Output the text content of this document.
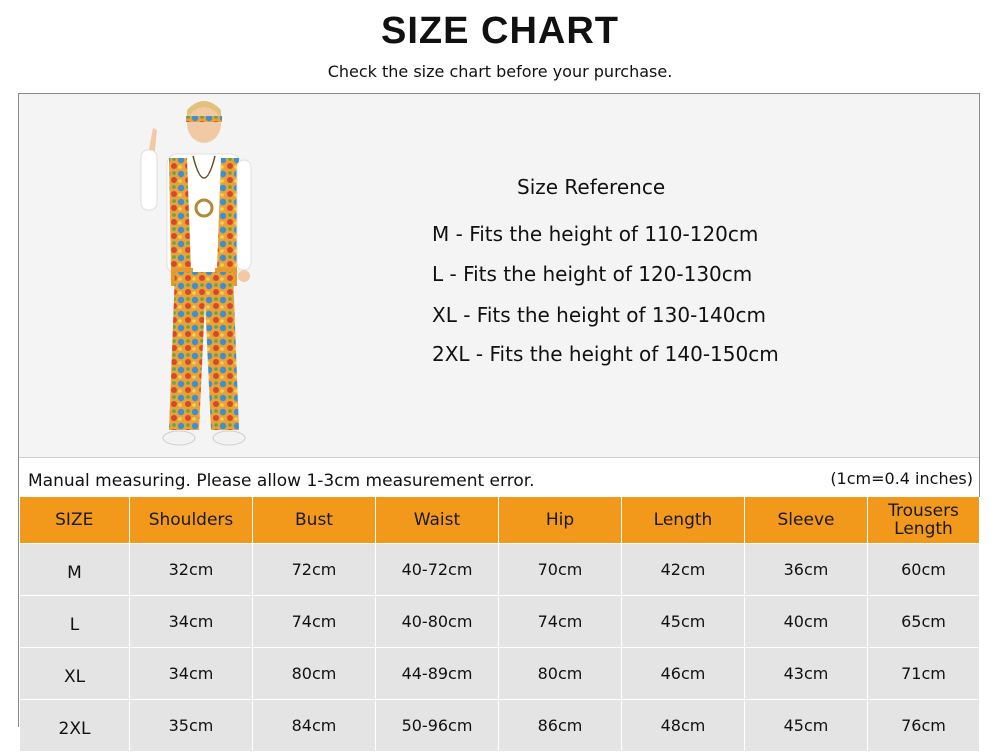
SIZE CHART
Check the size chart before your purchase.
Size Reference
M - Fits the height of 110-120cm
L - Fits the height of 120-130cm
XL - Fits the height of 130-140cm
2XL - Fits the height of 140-150cm
Manual measuring. Please allow 1-3cm measurement error.	(1cm=0.4 inches)
SIZE	Shoulders	Bust	Waist	Hip	Length	Sleeve	Trousers Length
M	32cm	72cm	40-72cm	70cm	42cm	36cm	60cm
L	34cm	74cm	40-80cm	74cm	45cm	40cm	65cm
XL	34cm	80cm	44-89cm	80cm	46cm	43cm	71cm
2XL	35cm	84cm	50-96cm	86cm	48cm	45cm	76cm
